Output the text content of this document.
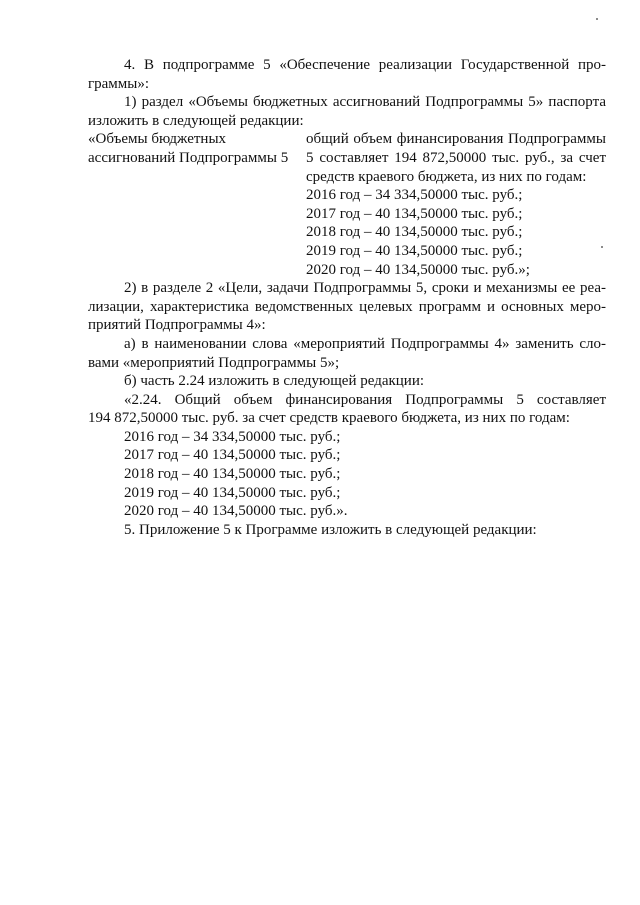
4. В подпрограмме 5 «Обеспечение реализации Государственной про-

граммы»:

1) раздел «Объемы бюджетных ассигнований Подпрограммы 5» паспорта

изложить в следующей редакции:

«Объемы бюджетных

ассигнований Подпрограммы 5

общий объем финансирования Подпрограммы

5 составляет 194 872,50000 тыс. руб., за счет

средств краевого бюджета, из них по годам:

2016 год – 34 334,50000 тыс. руб.;

2017 год – 40 134,50000 тыс. руб.;

2018 год – 40 134,50000 тыс. руб.;

2019 год – 40 134,50000 тыс. руб.;

2020 год – 40 134,50000 тыс. руб.»;

2) в разделе 2 «Цели, задачи Подпрограммы 5, сроки и механизмы ее реа-

лизации, характеристика ведомственных целевых программ и основных меро-

приятий Подпрограммы 4»:

а) в наименовании слова «мероприятий Подпрограммы 4» заменить сло-

вами «мероприятий Подпрограммы 5»;

б) часть 2.24 изложить в следующей редакции:

«2.24. Общий объем финансирования Подпрограммы 5 составляет

194 872,50000 тыс. руб. за счет средств краевого бюджета, из них по годам:

2016 год – 34 334,50000 тыс. руб.;

2017 год – 40 134,50000 тыс. руб.;

2018 год – 40 134,50000 тыс. руб.;

2019 год – 40 134,50000 тыс. руб.;

2020 год – 40 134,50000 тыс. руб.».

5. Приложение 5 к Программе изложить в следующей редакции:
